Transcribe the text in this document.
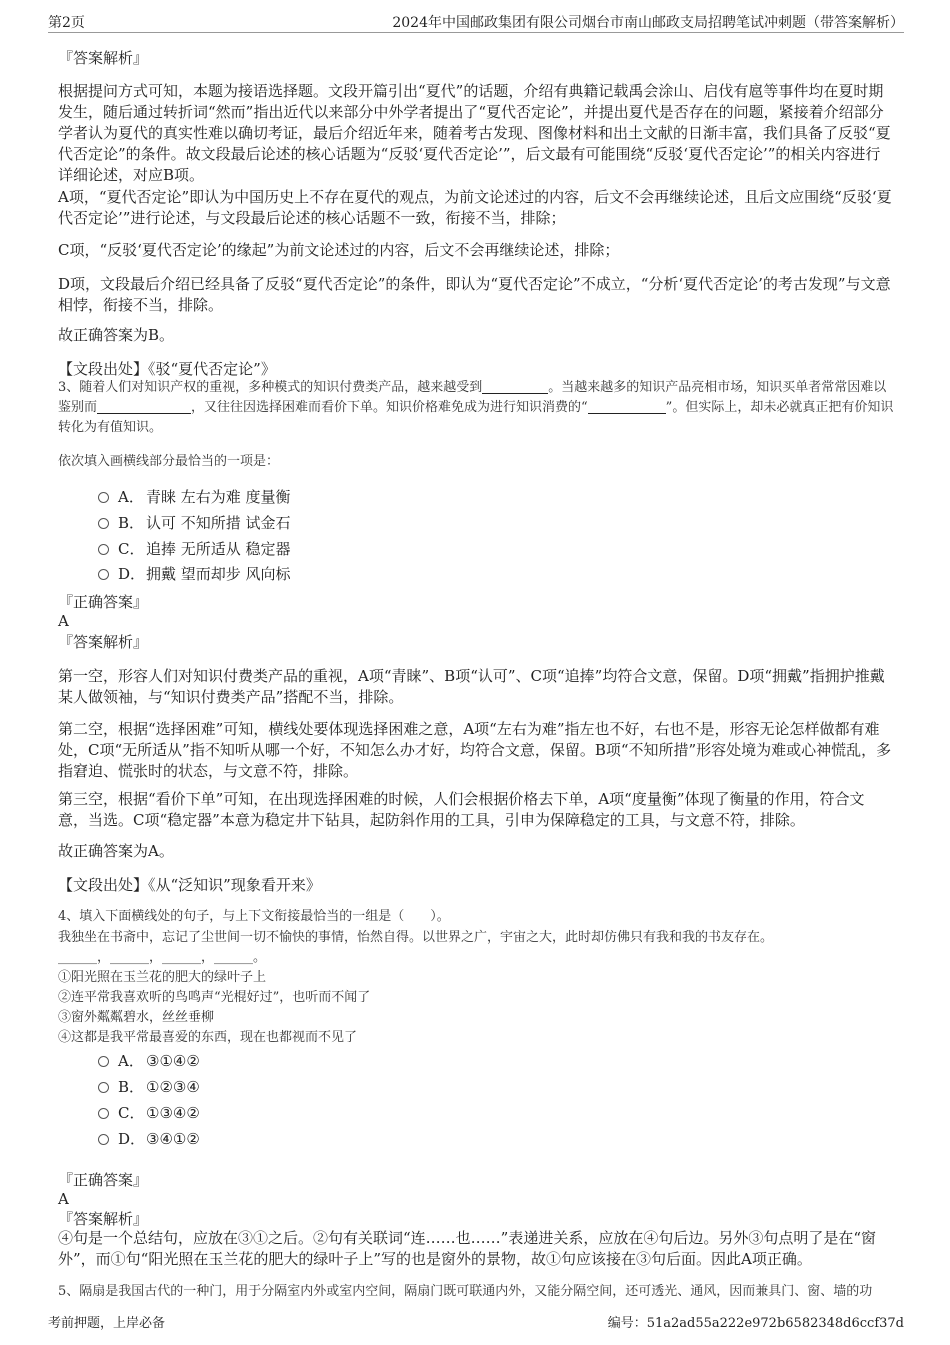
第2页	2024年中国邮政集团有限公司烟台市南山邮政支局招聘笔试冲刺题（带答案解析）
『答案解析』

根据提问方式可知，本题为接语选择题。文段开篇引出“夏代”的话题，介绍有典籍记载禹会涂山、启伐有扈等事件均在夏时期发生，随后通过转折词“然而”指出近代以来部分中外学者提出了“夏代否定论”，并提出夏代是否存在的问题，紧接着介绍部分学者认为夏代的真实性难以确切考证，最后介绍近年来，随着考古发现、图像材料和出土文献的日渐丰富，我们具备了反驳“夏代否定论”的条件。故文段最后论述的核心话题为“反驳‘夏代否定论’”，后文最有可能围绕“反驳‘夏代否定论’”的相关内容进行详细论述，对应B项。

A项，“夏代否定论”即认为中国历史上不存在夏代的观点，为前文论述过的内容，后文不会再继续论述，且后文应围绕“反驳‘夏代否定论’”进行论述，与文段最后论述的核心话题不一致，衔接不当，排除；

C项，“反驳‘夏代否定论’的缘起”为前文论述过的内容，后文不会再继续论述，排除；

D项，文段最后介绍已经具备了反驳“夏代否定论”的条件，即认为“夏代否定论”不成立，“分析‘夏代否定论’的考古发现”与文意相悖，衔接不当，排除。

故正确答案为B。

【文段出处】《驳“夏代否定论”》

3、随着人们对知识产权的重视，多种模式的知识付费类产品，越来越受到	。当越来越多的知识产品亮相市场，知识买单者常常因难以鉴别而	，又往往因选择困难而看价下单。知识价格难免成为进行知识消费的“	”。但实际上，却未必就真正把有价知识转化为有值知识。

依次填入画横线部分最恰当的一项是：

A． 青睐 左右为难 度量衡
B． 认可 不知所措 试金石
C． 追捧 无所适从 稳定器
D．拥戴 望而却步 风向标
『正确答案』
A
『答案解析』

第一空，形容人们对知识付费类产品的重视，A项“青睐”、B项“认可”、C项“追捧”均符合文意，保留。D项“拥戴”指拥护推戴某人做领袖，与“知识付费类产品”搭配不当，排除。

第二空，根据“选择困难”可知，横线处要体现选择困难之意，A项“左右为难”指左也不好，右也不是，形容无论怎样做都有难处，C项“无所适从”指不知听从哪一个好，不知怎么办才好，均符合文意，保留。B项“不知所措”形容处境为难或心神慌乱，多指窘迫、慌张时的状态，与文意不符，排除。

第三空，根据“看价下单”可知，在出现选择困难的时候，人们会根据价格去下单，A项“度量衡”体现了衡量的作用，符合文意，当选。C项“稳定器”本意为稳定井下钻具，起防斜作用的工具，引申为保障稳定的工具，与文意不符，排除。

故正确答案为A。

【文段出处】《从“泛知识”现象看开来》

4、填入下面横线处的句子，与上下文衔接最恰当的一组是（　　）。

我独坐在书斋中，忘记了尘世间一切不愉快的事情，怡然自得。以世界之广，宇宙之大，此时却仿佛只有我和我的书友存在。

______，______，______，______。

①阳光照在玉兰花的肥大的绿叶子上

②连平常我喜欢听的鸟鸣声“光棍好过”，也听而不闻了

③窗外粼粼碧水，丝丝垂柳

④这都是我平常最喜爱的东西，现在也都视而不见了

A． ③①④②
B． ①②③④
C． ①③④②
D．③④①②
『正确答案』
A
『答案解析』

④句是一个总结句，应放在③①之后。②句有关联词“连……也……”表递进关系，应放在④句后边。另外③句点明了是在“窗外”，而①句“阳光照在玉兰花的肥大的绿叶子上”写的也是窗外的景物，故①句应该接在③句后面。因此A项正确。

5、隔扇是我国古代的一种门，用于分隔室内外或室内空间，隔扇门既可联通内外，又能分隔空间，还可透光、通风，因而兼具门、窗、墙的功

考前押题，上岸必备	编号：51a2ad55a222e972b6582348d6ccf37d
